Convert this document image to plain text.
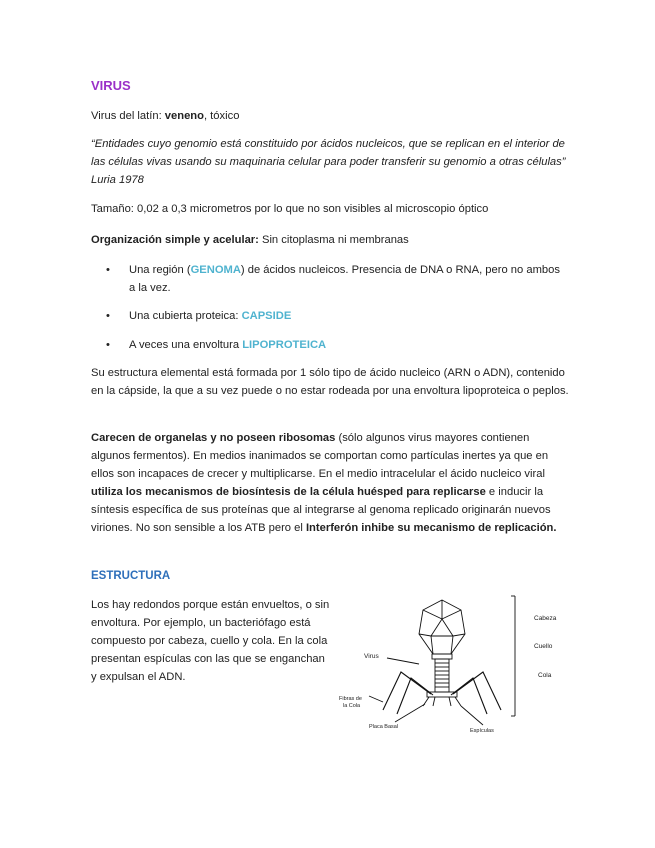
VIRUS

Virus del latín: veneno, tóxico

“Entidades cuyo genomio está constituido por ácidos nucleicos, que se replican en el interior de las células vivas usando su maquinaria celular para poder transferir su genomio a otras células” Luria 1978

Tamaño: 0,02 a 0,3 micrometros por lo que no son visibles al microscopio óptico

Organización simple y acelular: Sin citoplasma ni membranas

• Una región (GENOMA) de ácidos nucleicos. Presencia de DNA o RNA, pero no ambos a la vez.
• Una cubierta proteica: CAPSIDE
• A veces una envoltura LIPOPROTEICA

Su estructura elemental está formada por 1 sólo tipo de ácido nucleico (ARN o ADN), contenido en la cápside, la que a su vez puede o no estar rodeada por una envoltura lipoproteica o peplos.

Carecen de organelas y no poseen ribosomas (sólo algunos virus mayores contienen algunos fermentos). En medios inanimados se comportan como partículas inertes ya que en ellos son incapaces de crecer y multiplicarse. En el medio intracelular el ácido nucleico viral utiliza los mecanismos de biosíntesis de la célula huésped para replicarse e inducir la síntesis específica de sus proteínas que al integrarse al genoma replicado originarán nuevos viriones. No son sensible a los ATB pero el Interferón inhibe su mecanismo de replicación.

ESTRUCTURA

Los hay redondos porque están envueltos, o sin envoltura. Por ejemplo, un bacteriófago está compuesto por cabeza, cuello y cola. En la cola presentan espículas con las que se enganchan y expulsan el ADN.

Cabeza
Cuello
Cola
Virus
Fibras de
la Cola
Placa Basal
Espículas
